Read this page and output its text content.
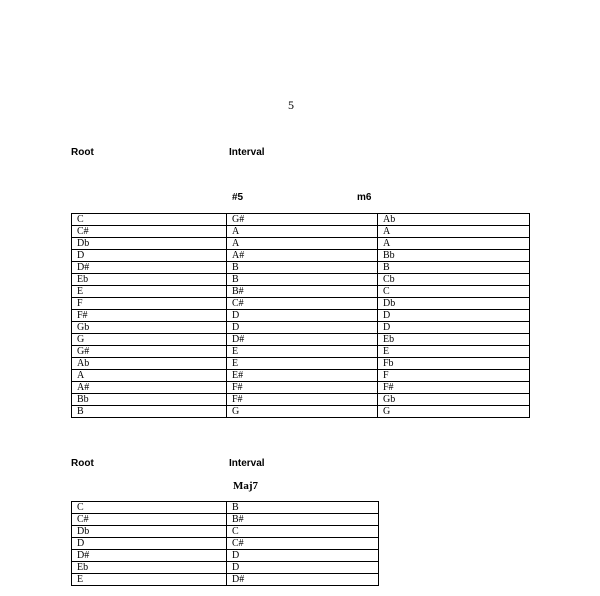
5
Root	Interval
#5	m6
C	G#	Ab
C#	A	A
Db	A	A
D	A#	Bb
D#	B	B
Eb	B	Cb
E	B#	C
F	C#	Db
F#	D	D
Gb	D	D
G	D#	Eb
G#	E	E
Ab	E	Fb
A	E#	F
A#	F#	F#
Bb	F#	Gb
B	G	G
Root	Interval
Maj7
C	B
C#	B#
Db	C
D	C#
D#	D
Eb	D
E	D#
